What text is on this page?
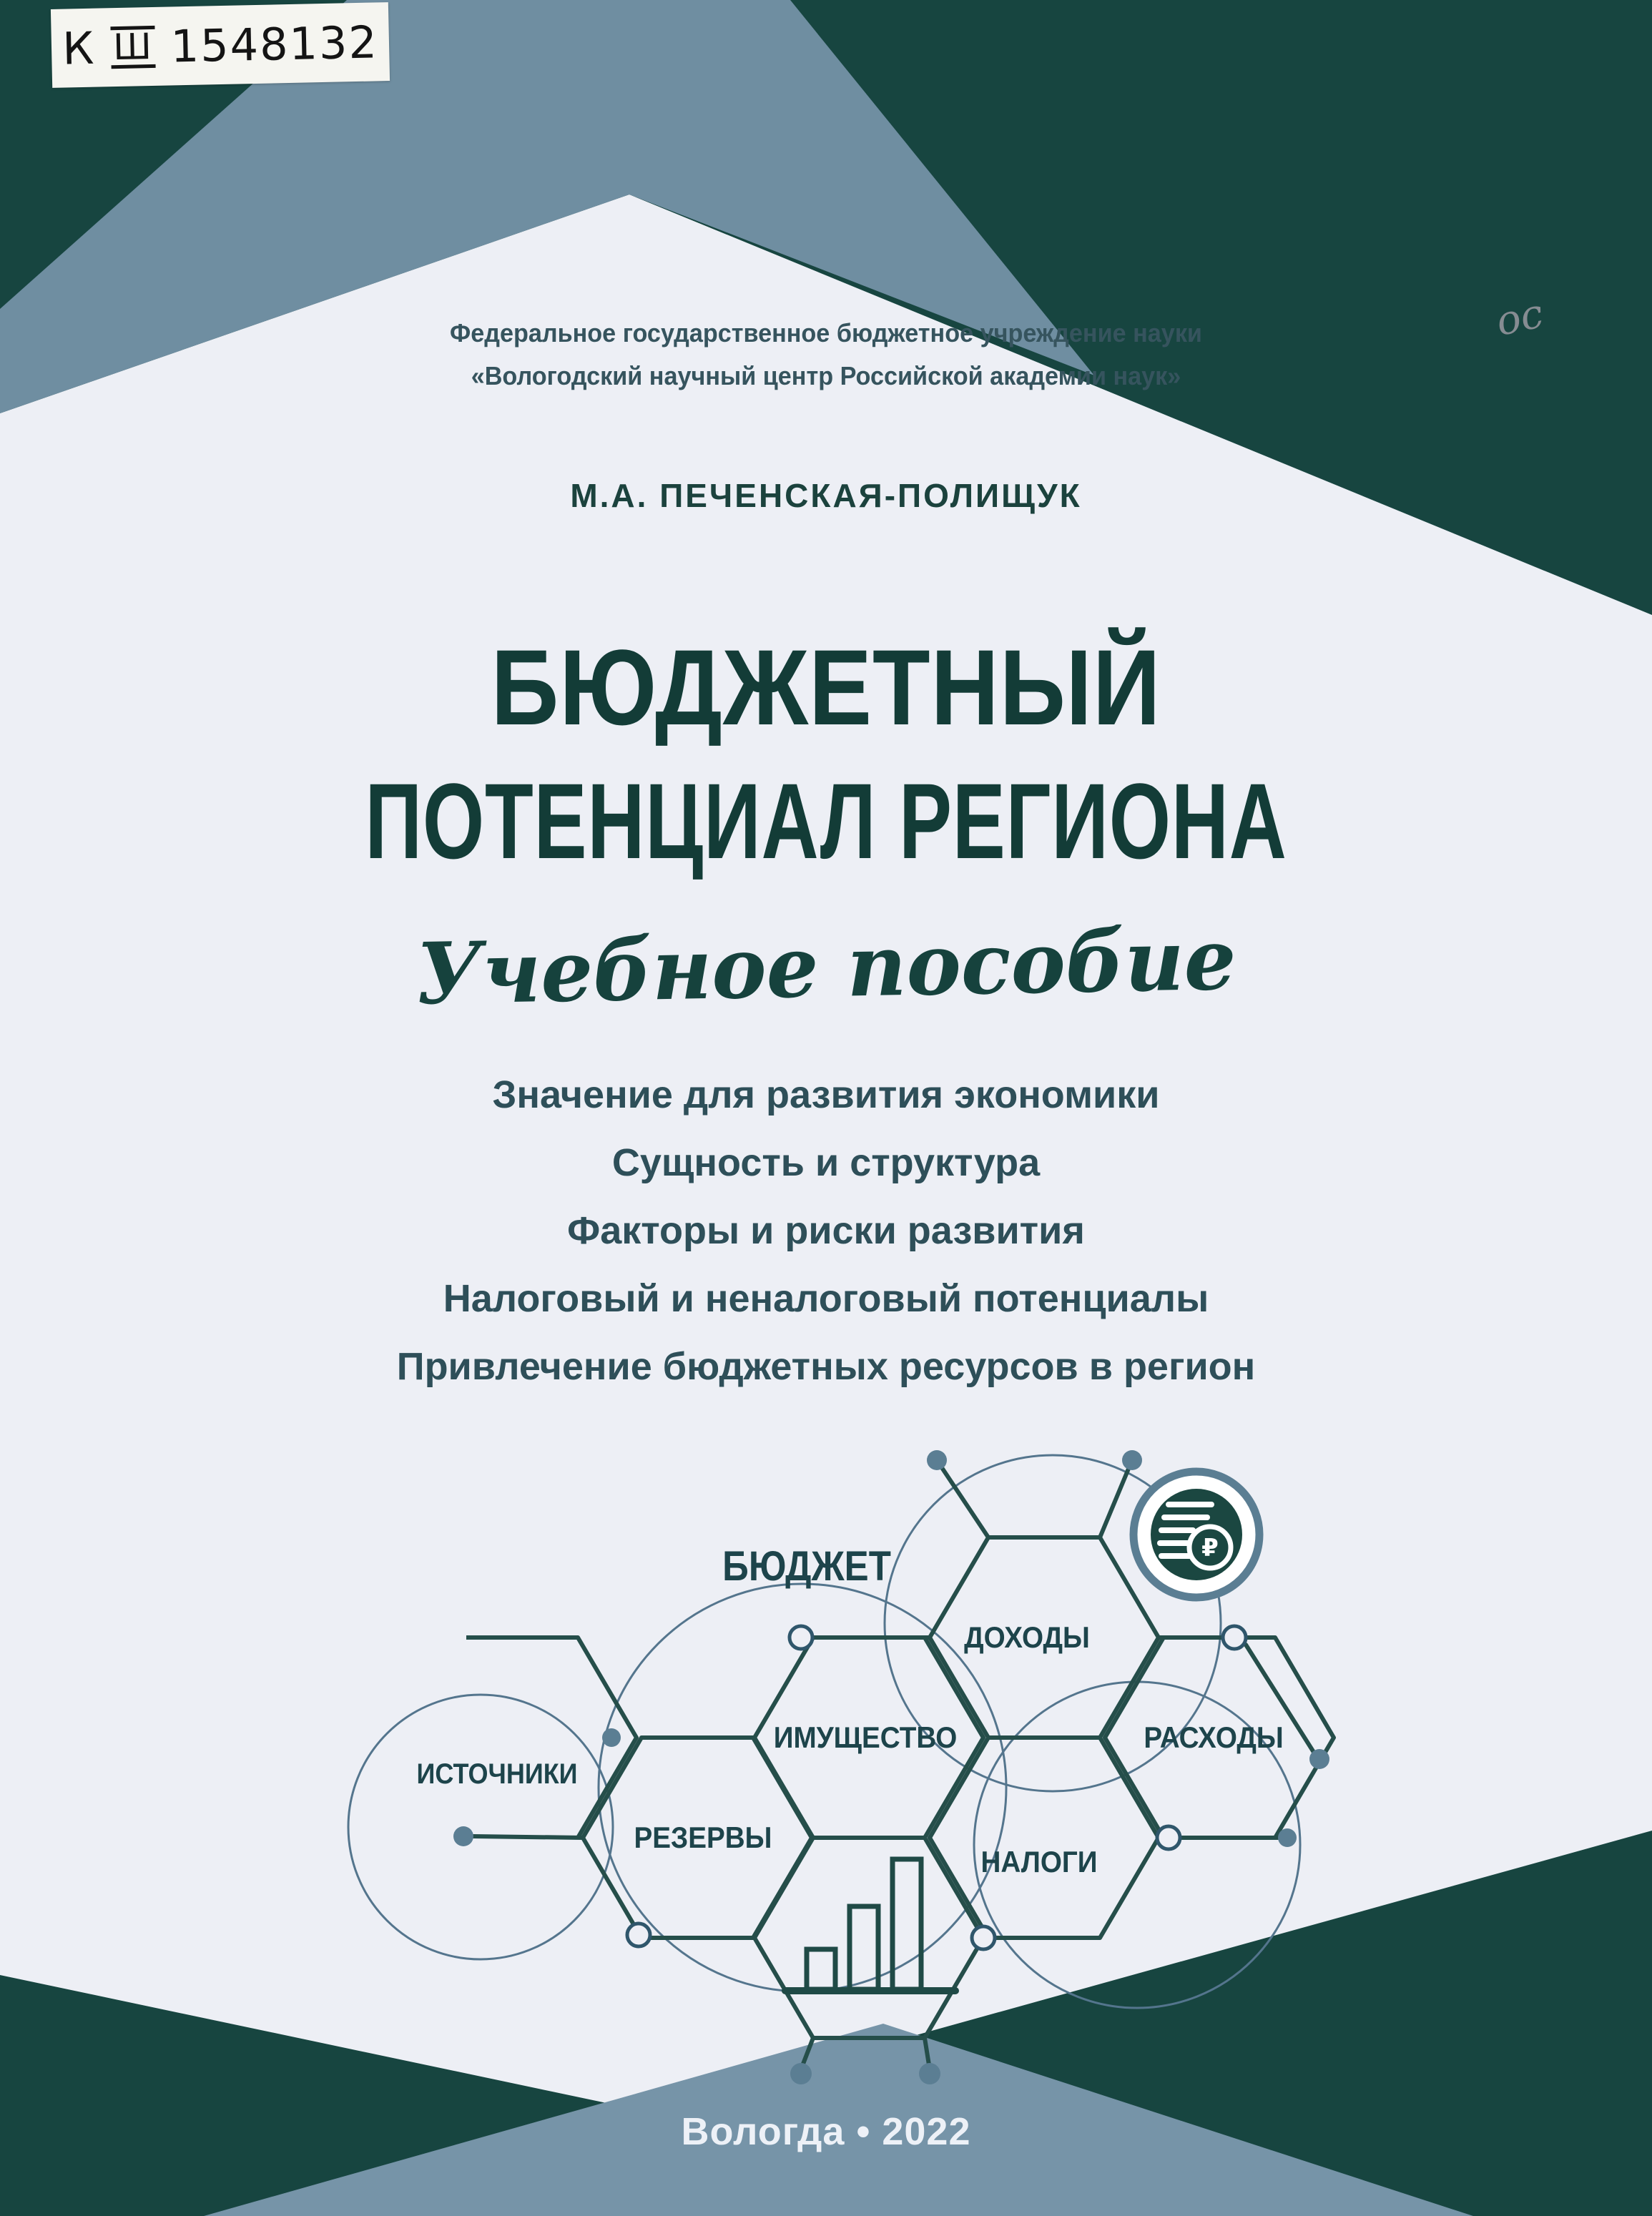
₽
БЮДЖЕТ
ДОХОДЫ
ИМУЩЕСТВО	РАСХОДЫ
ИСТОЧНИКИ
РЕЗЕРВЫ
НАЛОГИ
К Ш 1548132
ос
Федеральное государственное бюджетное учреждение науки
«Вологодский научный центр Российской академии наук»
М.А. ПЕЧЕНСКАЯ-ПОЛИЩУК
БЮДЖЕТНЫЙ
ПОТЕНЦИАЛ РЕГИОНА
Учебное пособие
Значение для развития экономики
Сущность и структура
Факторы и риски развития
Налоговый и неналоговый потенциалы
Привлечение бюджетных ресурсов в регион
Вологда • 2022
